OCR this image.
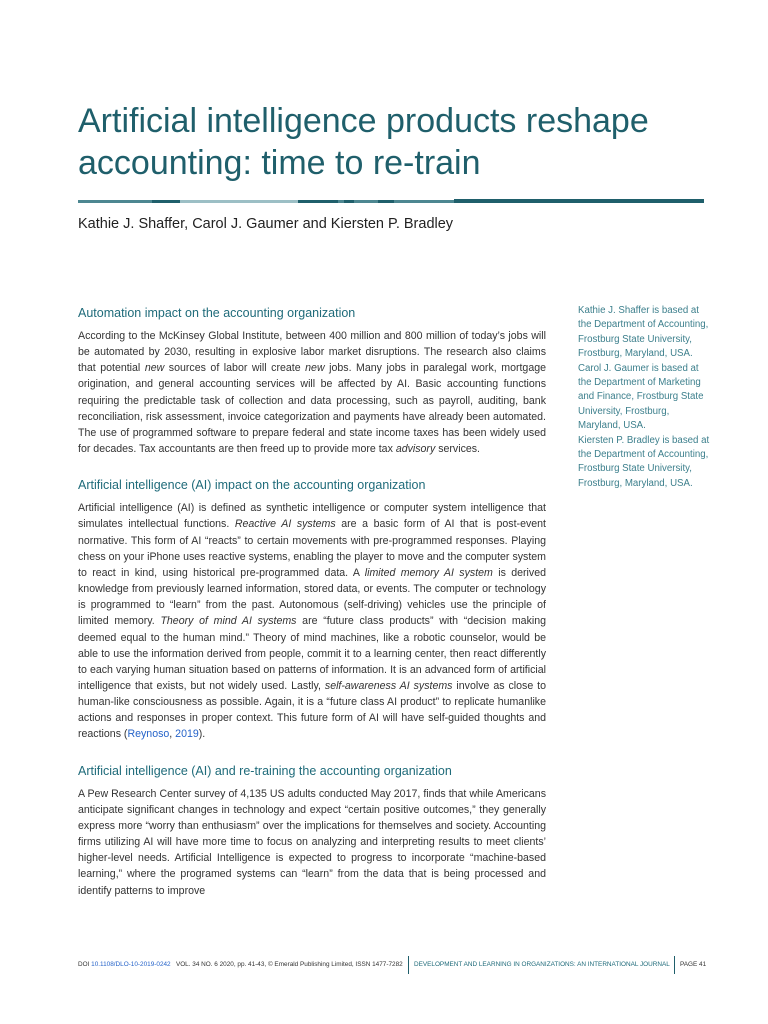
Artificial intelligence products reshape accounting: time to re-train
Kathie J. Shaffer, Carol J. Gaumer and Kiersten P. Bradley
Automation impact on the accounting organization

According to the McKinsey Global Institute, between 400 million and 800 million of today’s jobs will be automated by 2030, resulting in explosive labor market disruptions. The research also claims that potential new sources of labor will create new jobs. Many jobs in paralegal work, mortgage origination, and general accounting services will be affected by AI. Basic accounting functions requiring the predictable task of collection and data processing, such as payroll, auditing, bank reconciliation, risk assessment, invoice categorization and payments have already been automated. The use of programmed software to prepare federal and state income taxes has been widely used for decades. Tax accountants are then freed up to provide more tax advisory services.

Artificial intelligence (AI) impact on the accounting organization

Artificial intelligence (AI) is defined as synthetic intelligence or computer system intelligence that simulates intellectual functions. Reactive AI systems are a basic form of AI that is post-event normative. This form of AI “reacts” to certain movements with pre-programmed responses. Playing chess on your iPhone uses reactive systems, enabling the player to move and the computer system to react in kind, using historical pre-programmed data. A limited memory AI system is derived knowledge from previously learned information, stored data, or events. The computer or technology is programmed to “learn” from the past. Autonomous (self-driving) vehicles use the principle of limited memory. Theory of mind AI systems are “future class products” with “decision making deemed equal to the human mind.” Theory of mind machines, like a robotic counselor, would be able to use the information derived from people, commit it to a learning center, then react differently to each varying human situation based on patterns of information. It is an advanced form of artificial intelligence that exists, but not widely used. Lastly, self-awareness AI systems involve as close to human-like consciousness as possible. Again, it is a “future class AI product” to replicate humanlike actions and responses in proper context. This future form of AI will have self-guided thoughts and reactions (Reynoso, 2019).

Artificial intelligence (AI) and re-training the accounting organization

A Pew Research Center survey of 4,135 US adults conducted May 2017, finds that while Americans anticipate significant changes in technology and expect “certain positive outcomes,” they generally express more “worry than enthusiasm” over the implications for themselves and society. Accounting firms utilizing AI will have more time to focus on analyzing and interpreting results to meet clients’ higher-level needs. Artificial Intelligence is expected to progress to incorporate “machine-based learning,” where the programed systems can “learn” from the data that is being processed and identify patterns to improve

Kathie J. Shaffer is based at the Department of Accounting, Frostburg State University, Frostburg, Maryland, USA.

Carol J. Gaumer is based at the Department of Marketing and Finance, Frostburg State University, Frostburg, Maryland, USA.

Kiersten P. Bradley is based at the Department of Accounting, Frostburg State University, Frostburg, Maryland, USA.

DOI 10.1108/DLO-10-2019-0242 VOL. 34 NO. 6 2020, pp. 41-43, © Emerald Publishing Limited, ISSN 1477-7282 DEVELOPMENT AND LEARNING IN ORGANIZATIONS: AN INTERNATIONAL JOURNAL PAGE 41
